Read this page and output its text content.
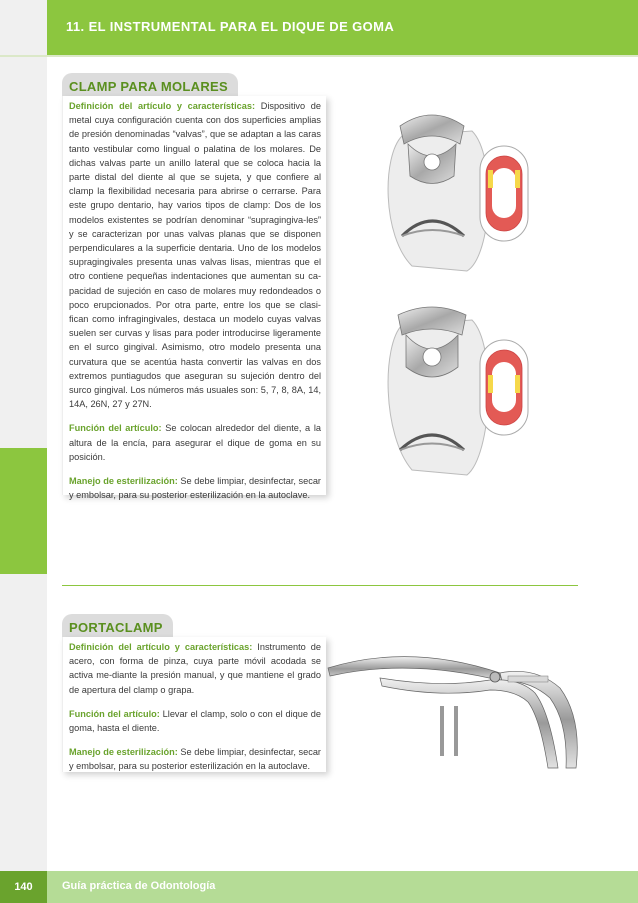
11. EL INSTRUMENTAL PARA EL DIQUE DE GOMA
CLAMP PARA MOLARES

Definición del artículo y características: Dispositivo de metal cuya configuración cuenta con dos superficies amplias de presión denominadas “valvas”, que se adaptan a las caras tanto vestibular como lingual o palatina de los molares. De dichas valvas parte un anillo lateral que se coloca hacia la parte distal del diente al que se sujeta, y que confiere al clamp la flexibilidad necesaria para abrirse o cerrarse. Para este grupo dentario, hay varios tipos de clamp: Dos de los modelos existentes se podrían denominar “supragingiva-les” y se caracterizan por unas valvas planas que se disponen perpendiculares a la superficie dentaria. Uno de los modelos supragingivales presenta unas valvas lisas, mientras que el otro contiene pequeñas indentaciones que aumentan su ca-pacidad de sujeción en caso de molares muy redondeados o poco erupcionados. Por otra parte, entre los que se clasi-fican como infragingivales, destaca un modelo cuyas valvas suelen ser curvas y lisas para poder introducirse ligeramente en el surco gingival. Asimismo, otro modelo presenta una curvatura que se acentúa hasta convertir las valvas en dos extremos puntiagudos que aseguran su sujeción dentro del surco gingival. Los números más usuales son: 5, 7, 8, 8A, 14, 14A, 26N, 27 y 27N.

Función del artículo: Se colocan alrededor del diente, a la altura de la encía, para asegurar el dique de goma en su posición.

Manejo de esterilización: Se debe limpiar, desinfectar, secar y embolsar, para su posterior esterilización en la autoclave.

PORTACLAMP

Definición del artículo y características: Instrumento de acero, con forma de pinza, cuya parte móvil acodada se activa me-diante la presión manual, y que mantiene el grado de apertura del clamp o grapa.

Función del artículo: Llevar el clamp, solo o con el dique de goma, hasta el diente.

Manejo de esterilización: Se debe limpiar, desinfectar, secar y embolsar, para su posterior esterilización en la autoclave.

140	Guía práctica de Odontología
